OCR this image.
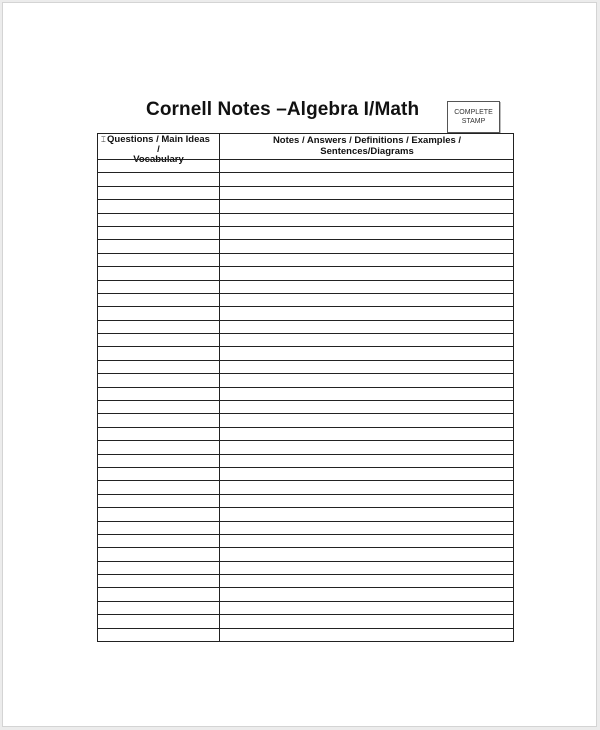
Cornell Notes –Algebra I/Math	COMPLETE
STAMP
⌶ Questions / Main Ideas
/
Notes / Answers / Definitions / Examples /
Sentences/Diagrams
